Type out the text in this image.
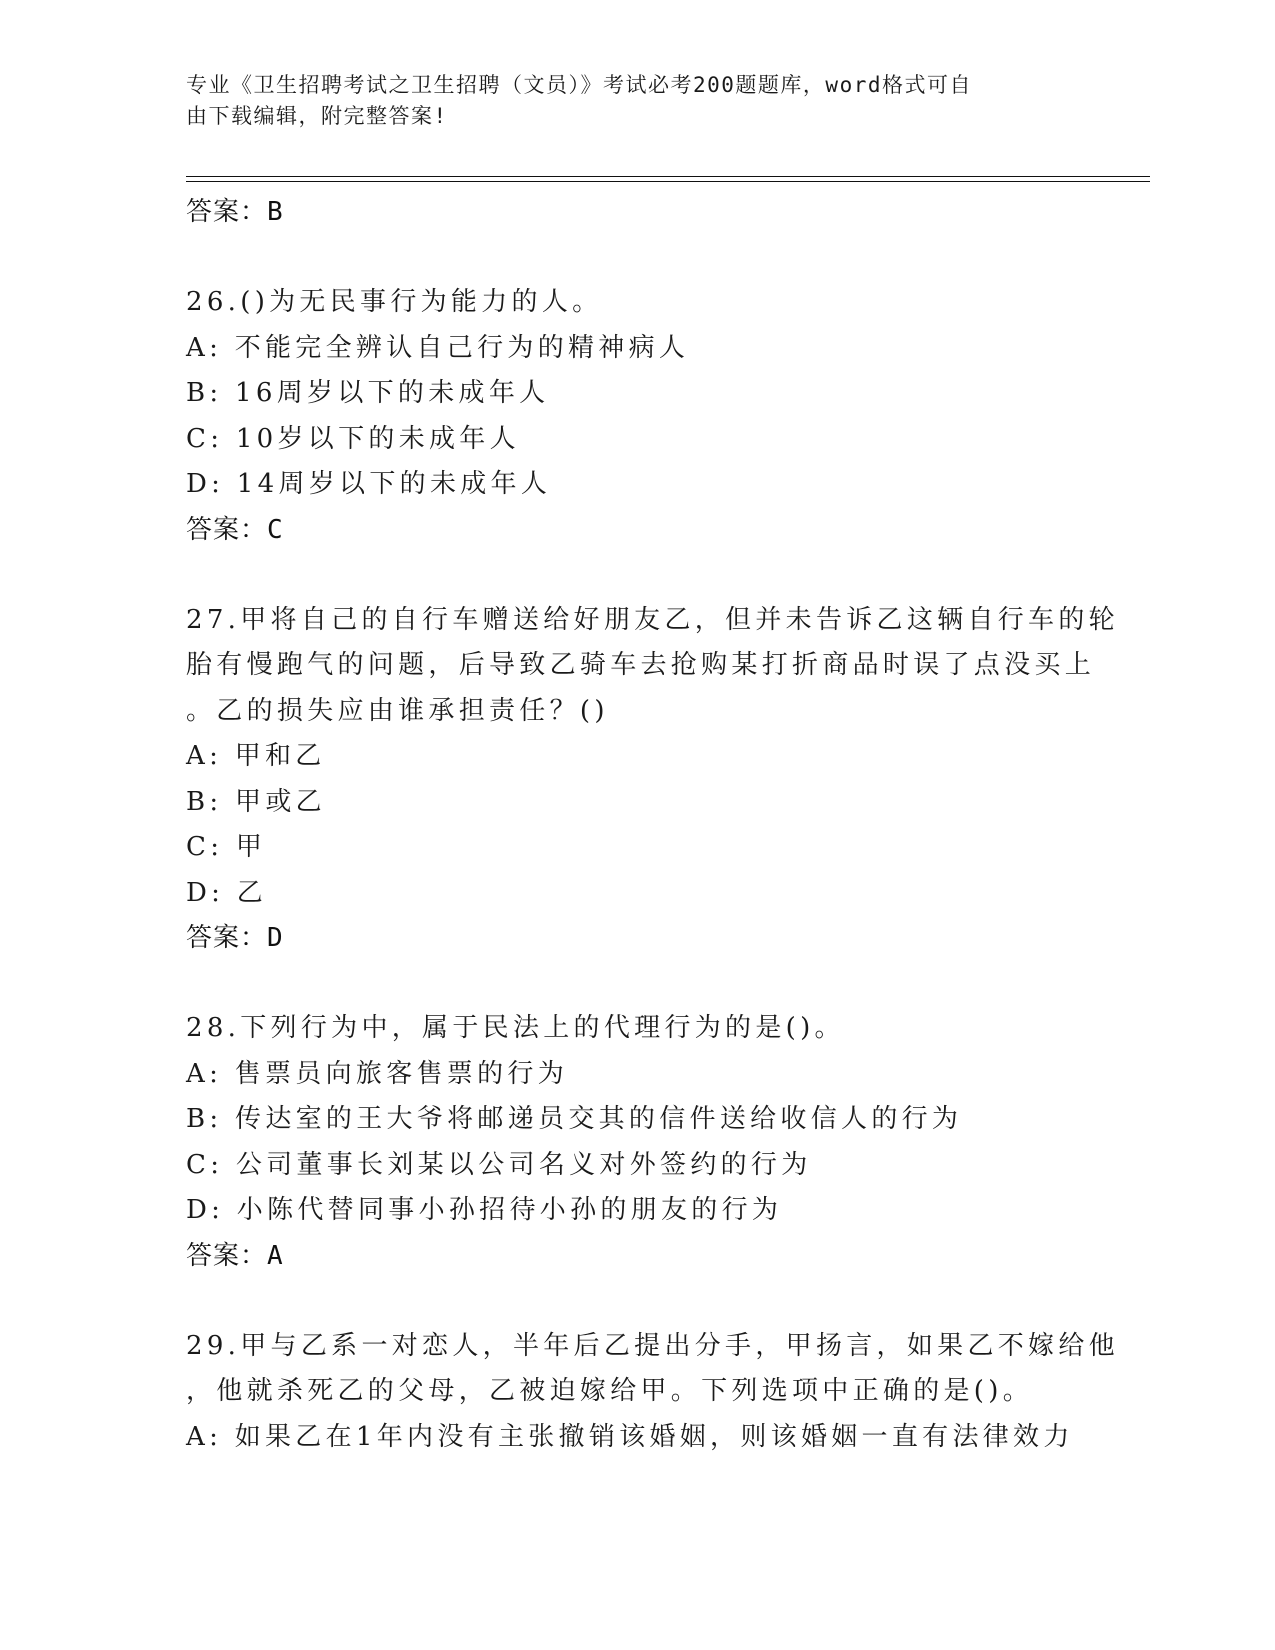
专业《卫生招聘考试之卫生招聘（文员）》考试必考200题题库，word格式可自
由下载编辑，附完整答案!
答案：B
26.()为无民事行为能力的人。
A: 不能完全辨认自己行为的精神病人
B: 16周岁以下的未成年人
C: 10岁以下的未成年人
D: 14周岁以下的未成年人
答案：C
27.甲将自己的自行车赠送给好朋友乙，但并未告诉乙这辆自行车的轮
胎有慢跑气的问题，后导致乙骑车去抢购某打折商品时误了点没买上
。乙的损失应由谁承担责任？()
A: 甲和乙
B: 甲或乙
C: 甲
D: 乙
答案：D
28.下列行为中，属于民法上的代理行为的是()。
A: 售票员向旅客售票的行为
B: 传达室的王大爷将邮递员交其的信件送给收信人的行为
C: 公司董事长刘某以公司名义对外签约的行为
D: 小陈代替同事小孙招待小孙的朋友的行为
答案：A
29.甲与乙系一对恋人，半年后乙提出分手，甲扬言，如果乙不嫁给他
，他就杀死乙的父母，乙被迫嫁给甲。下列选项中正确的是()。
A: 如果乙在1年内没有主张撤销该婚姻，则该婚姻一直有法律效力
